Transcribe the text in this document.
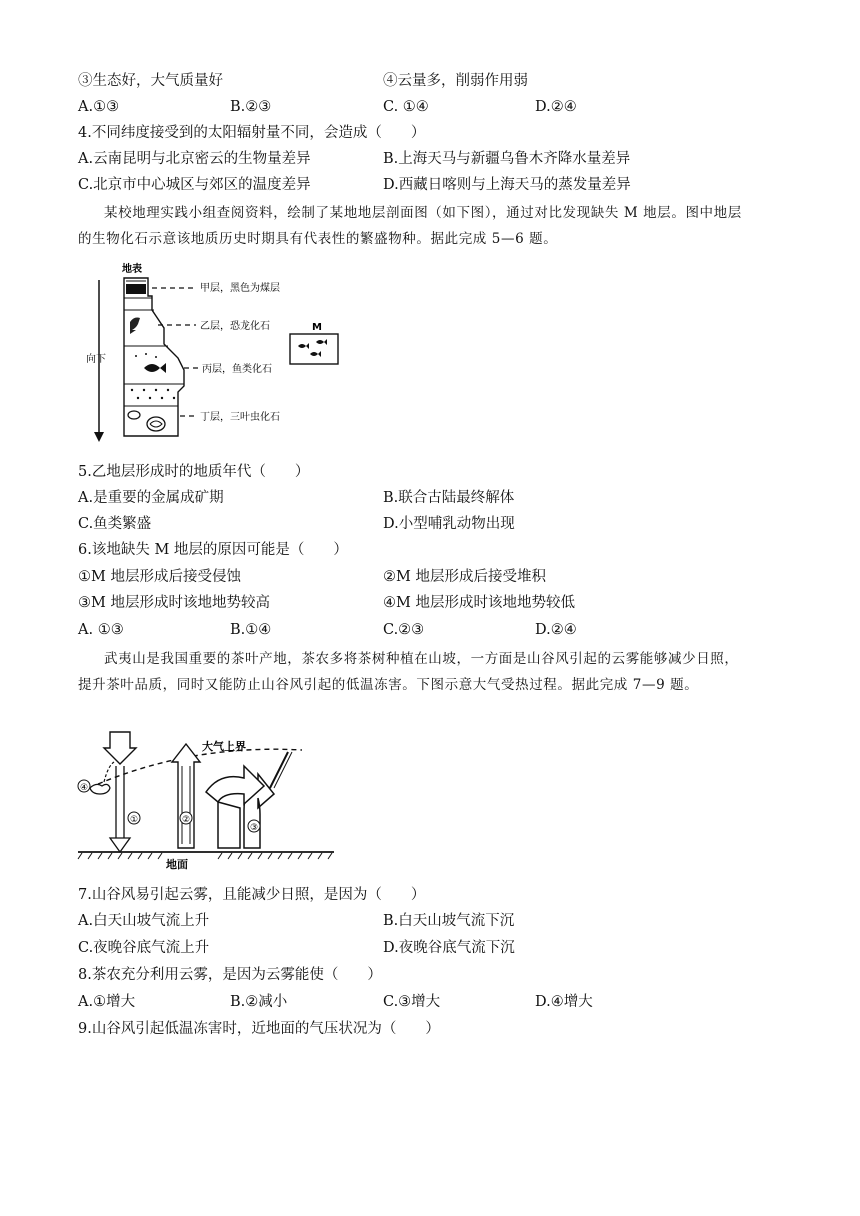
③生态好，大气质量好	④云量多，削弱作用弱
A.①③	B.②③	C. ①④	D.②④
4.不同纬度接受到的太阳辐射量不同，会造成（　　）
A.云南昆明与北京密云的生物量差异	B.上海天马与新疆乌鲁木齐降水量差异
C.北京市中心城区与郊区的温度差异	D.西藏日喀则与上海天马的蒸发量差异
某校地理实践小组查阅资料，绘制了某地地层剖面图（如下图），通过对比发现缺失 M 地层。图中地层
的生物化石示意该地质历史时期具有代表性的繁盛物种。据此完成 5—6 题。
向下
地表
甲层，黑色为煤层
乙层，恐龙化石
丙层，鱼类化石
丁层，三叶虫化石
M
5.乙地层形成时的地质年代（　　）
A.是重要的金属成矿期	B.联合古陆最终解体
C.鱼类繁盛	D.小型哺乳动物出现
6.该地缺失 M 地层的原因可能是（　　）
①M 地层形成后接受侵蚀	②M 地层形成后接受堆积
③M 地层形成时该地地势较高	④M 地层形成时该地地势较低
A. ①③	B.①④	C.②③	D.②④
武夷山是我国重要的茶叶产地，茶农多将茶树种植在山坡，一方面是山谷风引起的云雾能够减少日照，
提升茶叶品质，同时又能防止山谷风引起的低温冻害。下图示意大气受热过程。据此完成 7—9 题。
大气上界
①	②
③
④
地面
7.山谷风易引起云雾，且能减少日照，是因为（　　）
A.白天山坡气流上升	B.白天山坡气流下沉
C.夜晚谷底气流上升	D.夜晚谷底气流下沉
8.茶农充分利用云雾，是因为云雾能使（　　）
A.①增大	B.②减小	C.③增大	D.④增大
9.山谷风引起低温冻害时，近地面的气压状况为（　　）
